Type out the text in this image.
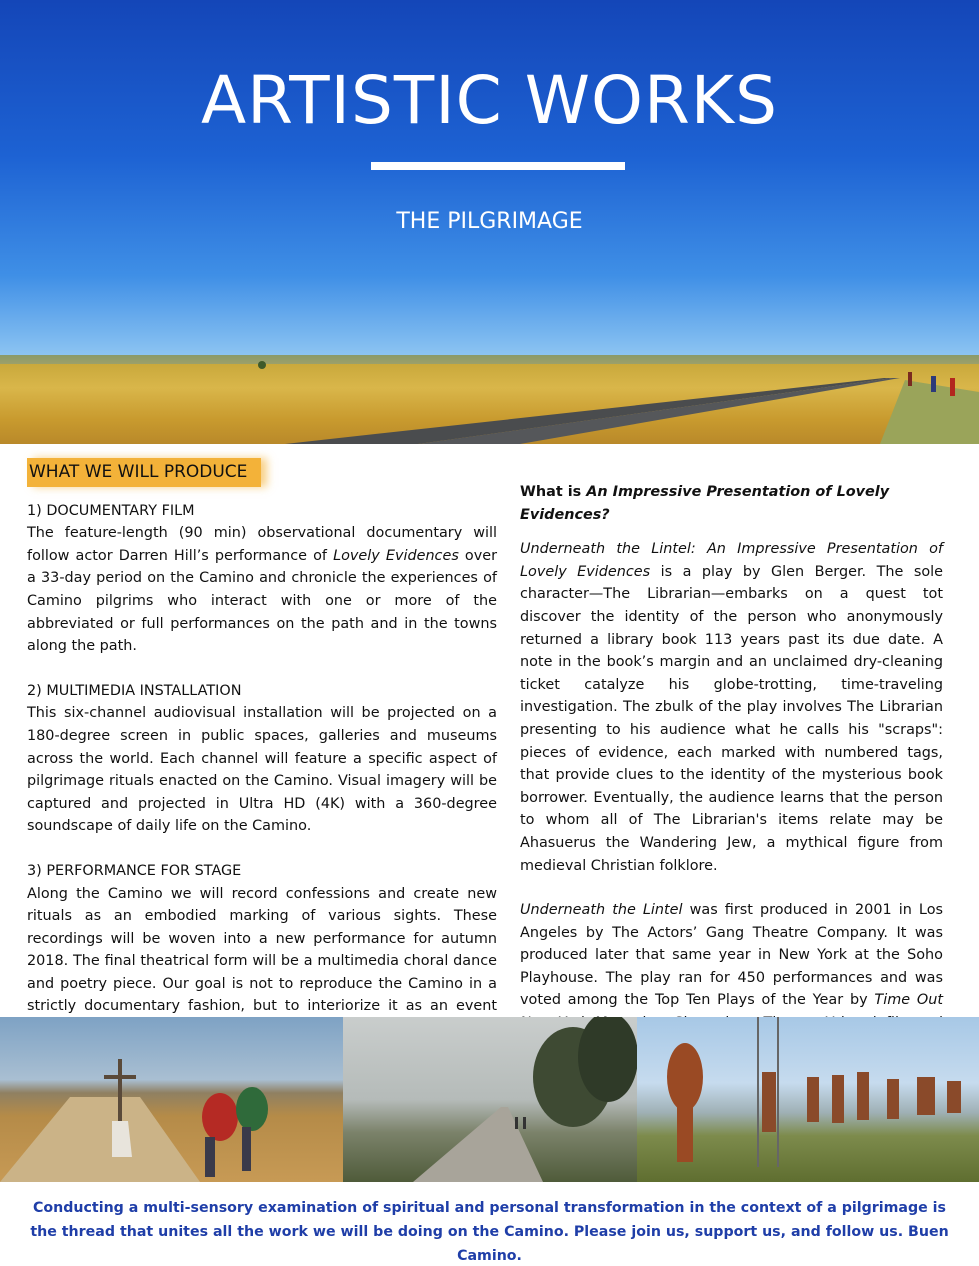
ARTISTIC WORKS
THE PILGRIMAGE
WHAT WE WILL PRODUCE
1) DOCUMENTARY FILM
The feature-length (90 min) observational documentary will follow actor Darren Hill’s performance of Lovely Evidences over a 33-day period on the Camino and chronicle the experiences of Camino pilgrims who interact with one or more of the abbreviated or full performances on the path and in the towns along the path.
2) MULTIMEDIA INSTALLATION
This six-channel audiovisual installation will be projected on a 180-degree screen in public spaces, galleries and museums across the world. Each channel will feature a specific aspect of pilgrimage rituals enacted on the Camino. Visual imagery will be captured and projected in Ultra HD (4K) with a 360-degree soundscape of daily life on the Camino.
3) PERFORMANCE FOR STAGE
Along the Camino we will record confessions and create new rituals as an embodied marking of various sights. These recordings will be woven into a new performance for autumn 2018. The final theatrical form will be a multimedia choral dance and poetry piece. Our goal is not to reproduce the Camino in a strictly documentary fashion, but to interiorize it as an event
What is An Impressive Presentation of Lovely Evidences?

Underneath the Lintel: An Impressive Presentation of Lovely Evidences is a play by Glen Berger. The sole character—The Librarian—embarks on a quest tot discover the identity of the person who anonymously returned a library book 113 years past its due date. A note in the book’s margin and an unclaimed dry-cleaning ticket catalyze his globe-trotting, time-traveling investigation. The zbulk of the play involves The Librarian presenting to his audience what he calls his "scraps": pieces of evidence, each marked with numbered tags, that provide clues to the identity of the mysterious book borrower. Eventually, the audience learns that the person to whom all of The Librarian's items relate may be Ahasuerus the Wandering Jew, a mythical figure from medieval Christian folklore.

Underneath the Lintel was first produced in 2001 in Los Angeles by The Actors’ Gang Theatre Company. It was produced later that same year in New York at the Soho Playhouse. The play ran for 450 performances and was voted among the Top Ten Plays of the Year by Time Out

Conducting a multi-sensory examination of spiritual and personal transformation in the context of a pilgrimage is the thread that unites all the work we will be doing on the Camino. Please join us, support us, and follow us. Buen Camino.
